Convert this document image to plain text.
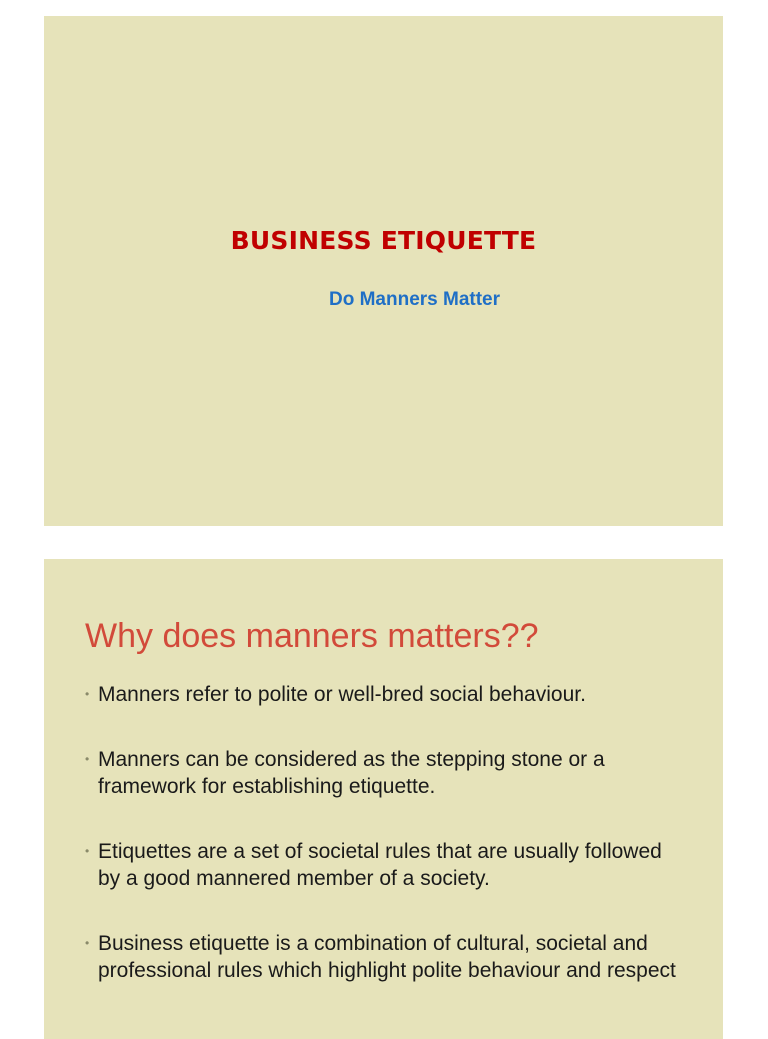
BUSINESS ETIQUETTE
Do Manners Matter
Why does manners matters??
• Manners refer to polite or well-bred social behaviour.
• Manners can be considered as the stepping stone or a framework for establishing etiquette.
• Etiquettes are a set of societal rules that are usually followed by a good mannered member of a society.
• Business etiquette is a combination of cultural, societal and professional rules which highlight polite behaviour and respect
